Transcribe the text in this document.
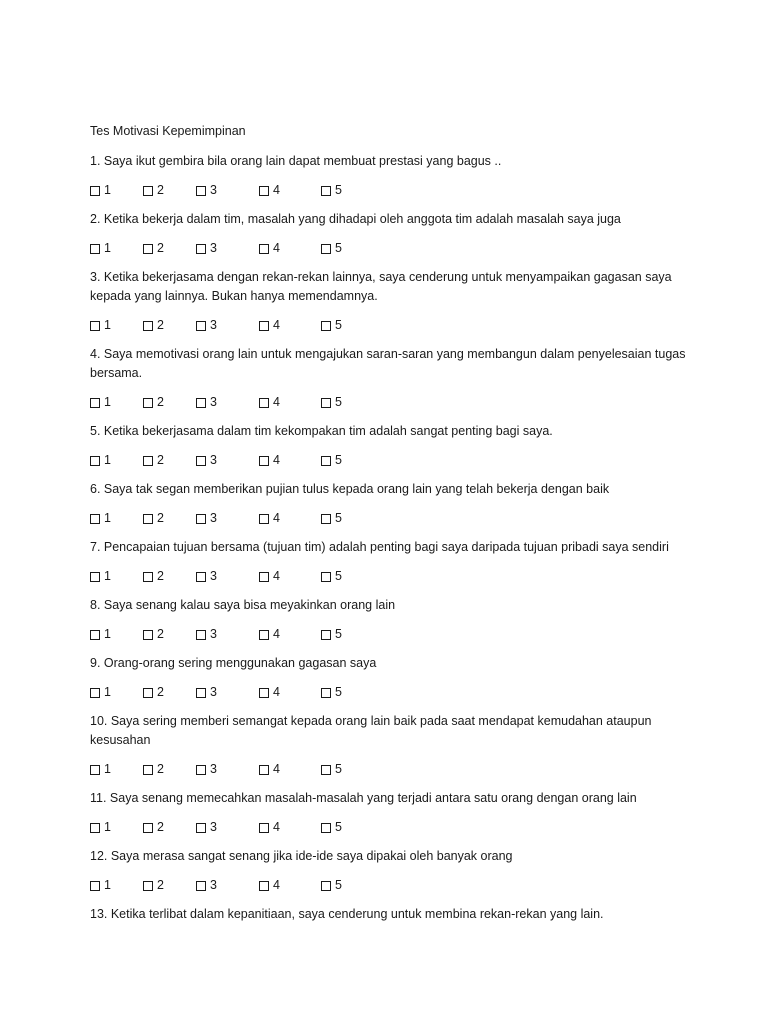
Tes Motivasi Kepemimpinan

1. Saya ikut gembira bila orang lain dapat membuat prestasi yang bagus ..

1	2	3	4	5

2. Ketika bekerja dalam tim, masalah yang dihadapi oleh anggota tim adalah masalah saya juga

1	2	3	4	5

3. Ketika bekerjasama dengan rekan-rekan lainnya, saya cenderung untuk menyampaikan gagasan saya kepada yang lainnya. Bukan hanya memendamnya.

1	2	3	4	5

4. Saya memotivasi orang lain untuk mengajukan saran-saran yang membangun dalam penyelesaian tugas bersama.

1	2	3	4	5

5. Ketika bekerjasama dalam tim kekompakan tim adalah sangat penting bagi saya.

1	2	3	4	5

6. Saya tak segan memberikan pujian tulus kepada orang lain yang telah bekerja dengan baik

1	2	3	4	5

7. Pencapaian tujuan bersama (tujuan tim) adalah penting bagi saya daripada tujuan pribadi saya sendiri

1	2	3	4	5

8. Saya senang kalau saya bisa meyakinkan orang lain

1	2	3	4	5

9. Orang-orang sering menggunakan gagasan saya

1	2	3	4	5

10. Saya sering memberi semangat kepada orang lain baik pada saat mendapat kemudahan ataupun kesusahan

1	2	3	4	5

11. Saya senang memecahkan masalah-masalah yang terjadi antara satu orang dengan orang lain

1	2	3	4	5

12. Saya merasa sangat senang jika ide-ide saya dipakai oleh banyak orang

1	2	3	4	5

13. Ketika terlibat dalam kepanitiaan, saya cenderung untuk membina rekan-rekan yang lain.
